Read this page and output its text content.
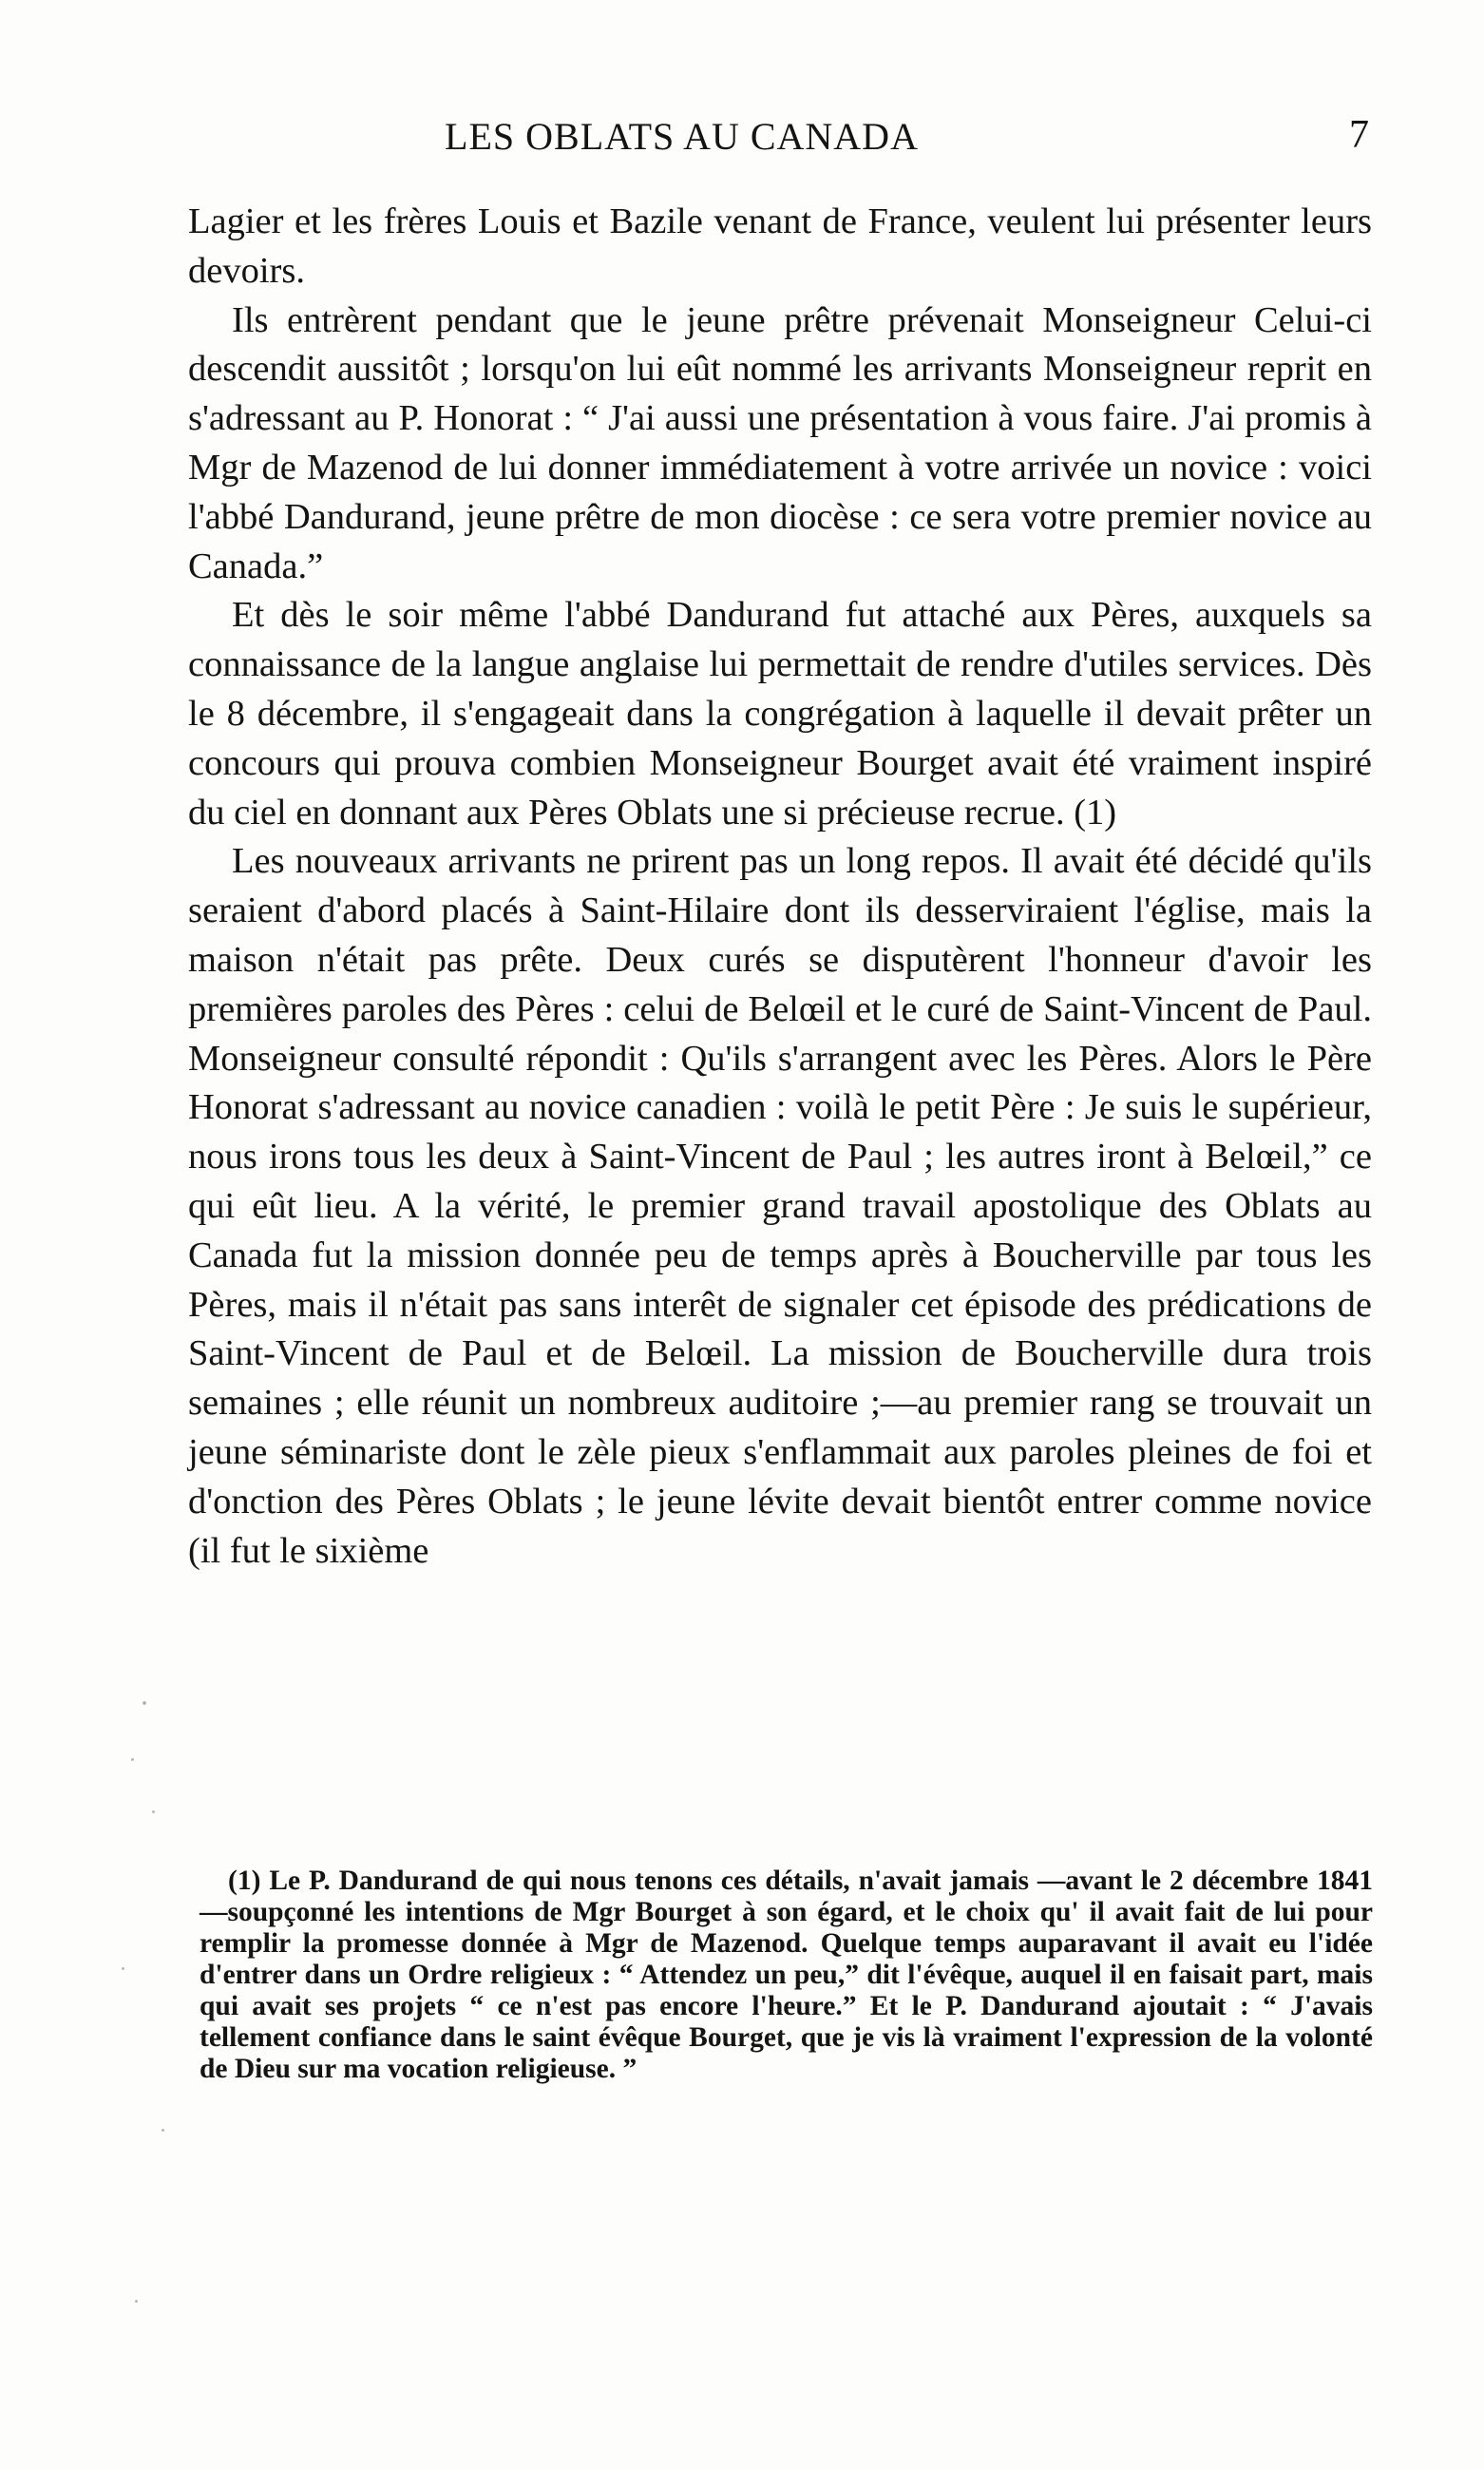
LES OBLATS AU CANADA	7

Lagier et les frères Louis et Bazile venant de France, veulent lui présenter leurs devoirs.

Ils entrèrent pendant que le jeune prêtre prévenait Monseigneur Celui-ci descendit aussitôt ; lorsqu'on lui eût nommé les arrivants Monseigneur reprit en s'adressant au P. Honorat : “ J'ai aussi une présentation à vous faire. J'ai promis à Mgr de Mazenod de lui donner immédiatement à votre arrivée un novice : voici l'abbé Dandurand, jeune prêtre de mon diocèse : ce sera votre premier novice au Canada.”

Et dès le soir même l'abbé Dandurand fut attaché aux Pères, auxquels sa connaissance de la langue anglaise lui permettait de rendre d'utiles services. Dès le 8 décembre, il s'engageait dans la congrégation à laquelle il devait prêter un concours qui prouva combien Monseigneur Bourget avait été vraiment inspiré du ciel en donnant aux Pères Oblats une si précieuse recrue. (1)

Les nouveaux arrivants ne prirent pas un long repos. Il avait été décidé qu'ils seraient d'abord placés à Saint-Hilaire dont ils desserviraient l'église, mais la maison n'était pas prête. Deux curés se disputèrent l'honneur d'avoir les premières paroles des Pères : celui de Belœil et le curé de Saint-Vincent de Paul. Monseigneur consulté répondit : Qu'ils s'arrangent avec les Pères. Alors le Père Honorat s'adressant au novice canadien : voilà le petit Père : Je suis le supérieur, nous irons tous les deux à Saint-Vincent de Paul ; les autres iront à Belœil,” ce qui eût lieu. A la vérité, le premier grand travail apostolique des Oblats au Canada fut la mission donnée peu de temps après à Boucherville par tous les Pères, mais il n'était pas sans interêt de signaler cet épisode des prédications de Saint-Vincent de Paul et de Belœil. La mission de Boucherville dura trois semaines ; elle réunit un nombreux auditoire ;—au premier rang se trouvait un jeune séminariste dont le zèle pieux s'enflammait aux paroles pleines de foi et d'onction des Pères Oblats ; le jeune lévite devait bientôt entrer comme novice (il fut le sixième

(1) Le P. Dandurand de qui nous tenons ces détails, n'avait jamais —avant le 2 décembre 1841—soupçonné les intentions de Mgr Bourget à son égard, et le choix qu' il avait fait de lui pour remplir la promesse donnée à Mgr de Mazenod. Quelque temps auparavant il avait eu l'idée d'entrer dans un Ordre religieux : “ Attendez un peu,” dit l'évêque, auquel il en faisait part, mais qui avait ses projets “ ce n'est pas encore l'heure.” Et le P. Dandurand ajoutait : “ J'avais tellement confiance dans le saint évêque Bourget, que je vis là vraiment l'expression de la volonté de Dieu sur ma vocation religieuse. ”
